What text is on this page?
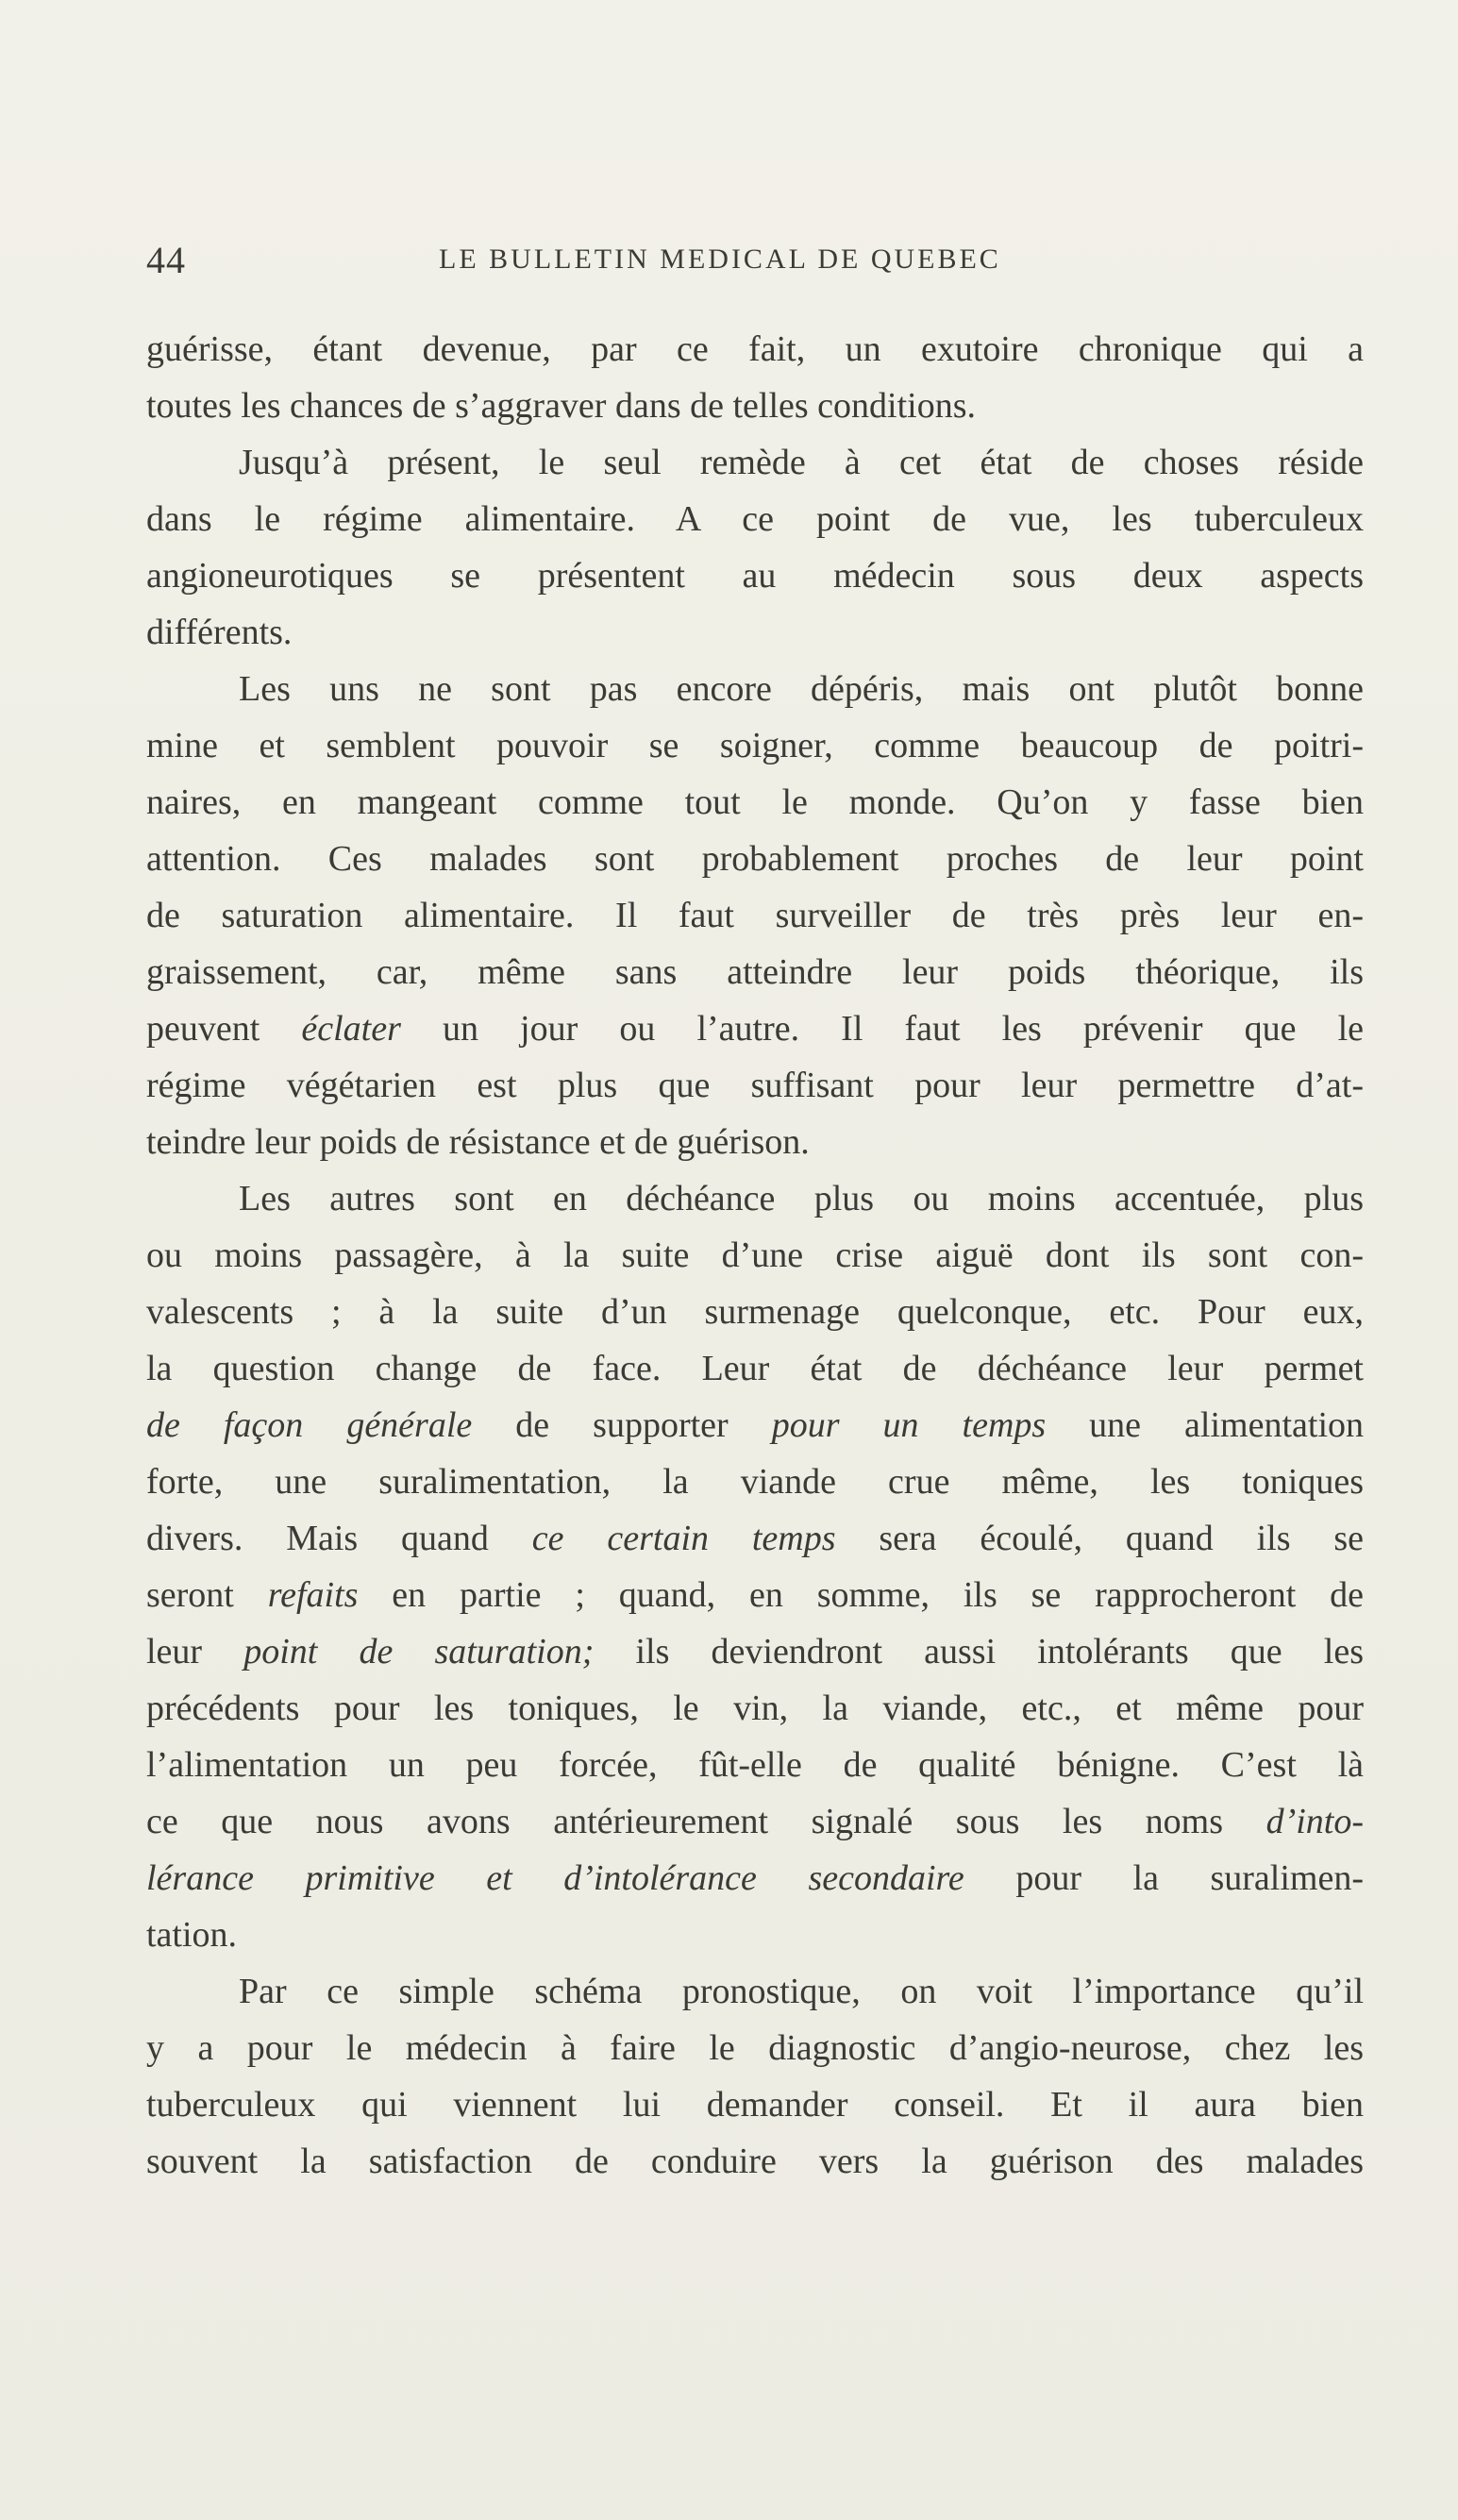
44	LE BULLETIN MEDICAL DE QUEBEC
guérisse, étant devenue, par ce fait, un exutoire chronique qui a
toutes les chances de s’aggraver dans de telles conditions.
Jusqu’à présent, le seul remède à cet état de choses réside
dans le régime alimentaire. A ce point de vue, les tuberculeux
angioneurotiques se présentent au médecin sous deux aspects
différents.
Les uns ne sont pas encore dépéris, mais ont plutôt bonne
mine et semblent pouvoir se soigner, comme beaucoup de poitri-
naires, en mangeant comme tout le monde. Qu’on y fasse bien
attention. Ces malades sont probablement proches de leur point
de saturation alimentaire. Il faut surveiller de très près leur en-
graissement, car, même sans atteindre leur poids théorique, ils
peuvent éclater un jour ou l’autre. Il faut les prévenir que le
régime végétarien est plus que suffisant pour leur permettre d’at-
teindre leur poids de résistance et de guérison.
Les autres sont en déchéance plus ou moins accentuée, plus
ou moins passagère, à la suite d’une crise aiguë dont ils sont con-
valescents ; à la suite d’un surmenage quelconque, etc. Pour eux,
la question change de face. Leur état de déchéance leur permet
de façon générale de supporter pour un temps une alimentation
forte, une suralimentation, la viande crue même, les toniques
divers. Mais quand ce certain temps sera écoulé, quand ils se
seront refaits en partie ; quand, en somme, ils se rapprocheront de
leur point de saturation; ils deviendront aussi intolérants que les
précédents pour les toniques, le vin, la viande, etc., et même pour
l’alimentation un peu forcée, fût-elle de qualité bénigne. C’est là
ce que nous avons antérieurement signalé sous les noms d’into-
lérance primitive et d’intolérance secondaire pour la suralimen-
tation.
Par ce simple schéma pronostique, on voit l’importance qu’il
y a pour le médecin à faire le diagnostic d’angio-neurose, chez les
tuberculeux qui viennent lui demander conseil. Et il aura bien
souvent la satisfaction de conduire vers la guérison des malades
